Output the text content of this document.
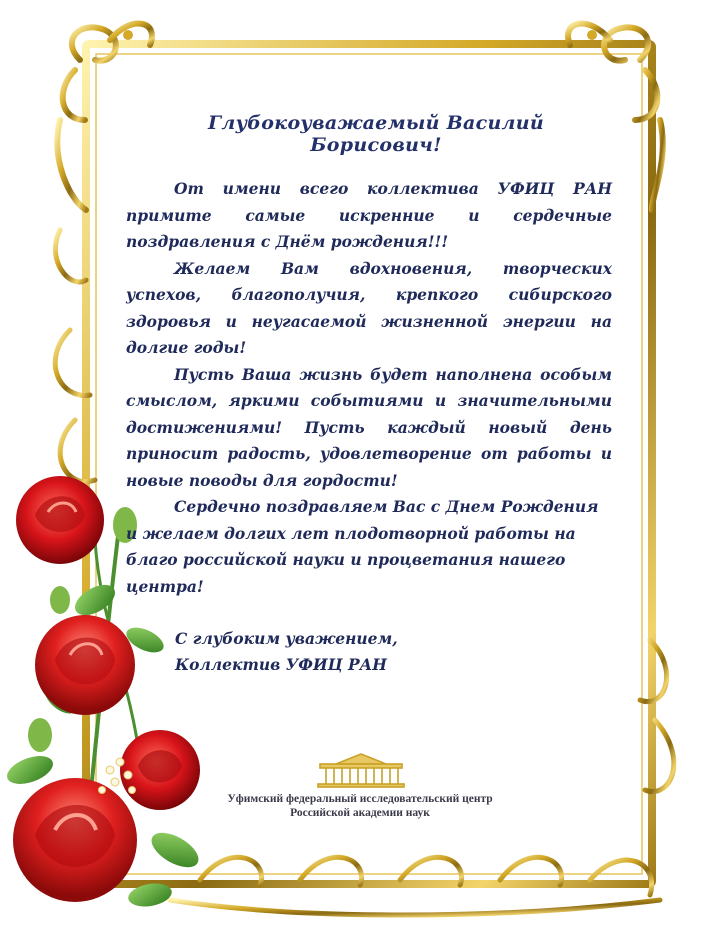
Глубокоуважаемый Василий Борисович!

От имени всего коллектива УФИЦ РАН примите самые искренние и сердечные поздравления с Днём рождения!!!

Желаем Вам вдохновения, творческих успехов, благополучия, крепкого сибирского здоровья и неугасаемой жизненной энергии на долгие годы!

Пусть Ваша жизнь будет наполнена особым смыслом, яркими событиями и значительными достижениями! Пусть каждый новый день приносит радость, удовлетворение от работы и новые поводы для гордости!

Сердечно поздравляем Вас с Днем Рождения и желаем долгих лет плодотворной работы на благо российской науки и процветания нашего центра!

С глубоким уважением,
Коллектив УФИЦ РАН
Уфимский федеральный исследовательский центр
Российской академии наук
